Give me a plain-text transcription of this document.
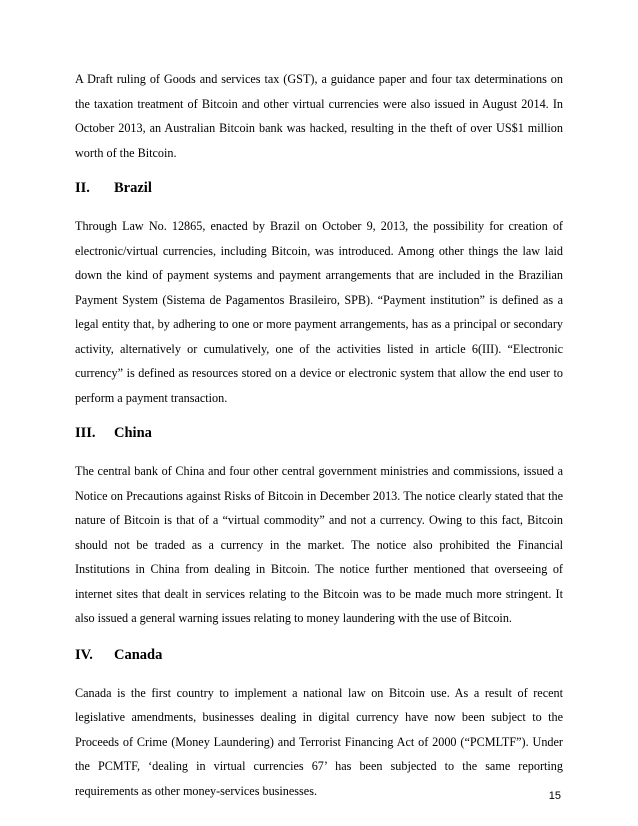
A Draft ruling of Goods and services tax (GST), a guidance paper and four tax determinations on the taxation treatment of Bitcoin and other virtual currencies were also issued in August 2014. In October 2013, an Australian Bitcoin bank was hacked, resulting in the theft of over US$1 million worth of the Bitcoin.

II.	Brazil

Through Law No. 12865, enacted by Brazil on October 9, 2013, the possibility for creation of electronic/virtual currencies, including Bitcoin, was introduced. Among other things the law laid down the kind of payment systems and payment arrangements that are included in the Brazilian Payment System (Sistema de Pagamentos Brasileiro, SPB). “Payment institution” is defined as a legal entity that, by adhering to one or more payment arrangements, has as a principal or secondary activity, alternatively or cumulatively, one of the activities listed in article 6(III). “Electronic currency” is defined as resources stored on a device or electronic system that allow the end user to perform a payment transaction.

III.	China

The central bank of China and four other central government ministries and commissions, issued a Notice on Precautions against Risks of Bitcoin in December 2013. The notice clearly stated that the nature of Bitcoin is that of a “virtual commodity” and not a currency. Owing to this fact, Bitcoin should not be traded as a currency in the market. The notice also prohibited the Financial Institutions in China from dealing in Bitcoin. The notice further mentioned that overseeing of internet sites that dealt in services relating to the Bitcoin was to be made much more stringent. It also issued a general warning issues relating to money laundering with the use of Bitcoin.

IV.	Canada

Canada is the first country to implement a national law on Bitcoin use. As a result of recent legislative amendments, businesses dealing in digital currency have now been subject to the Proceeds of Crime (Money Laundering) and Terrorist Financing Act of 2000 (“PCMLTF”). Under the PCMTF, ‘dealing in virtual currencies 67’ has been subjected to the same reporting requirements as other money-services businesses.	15
